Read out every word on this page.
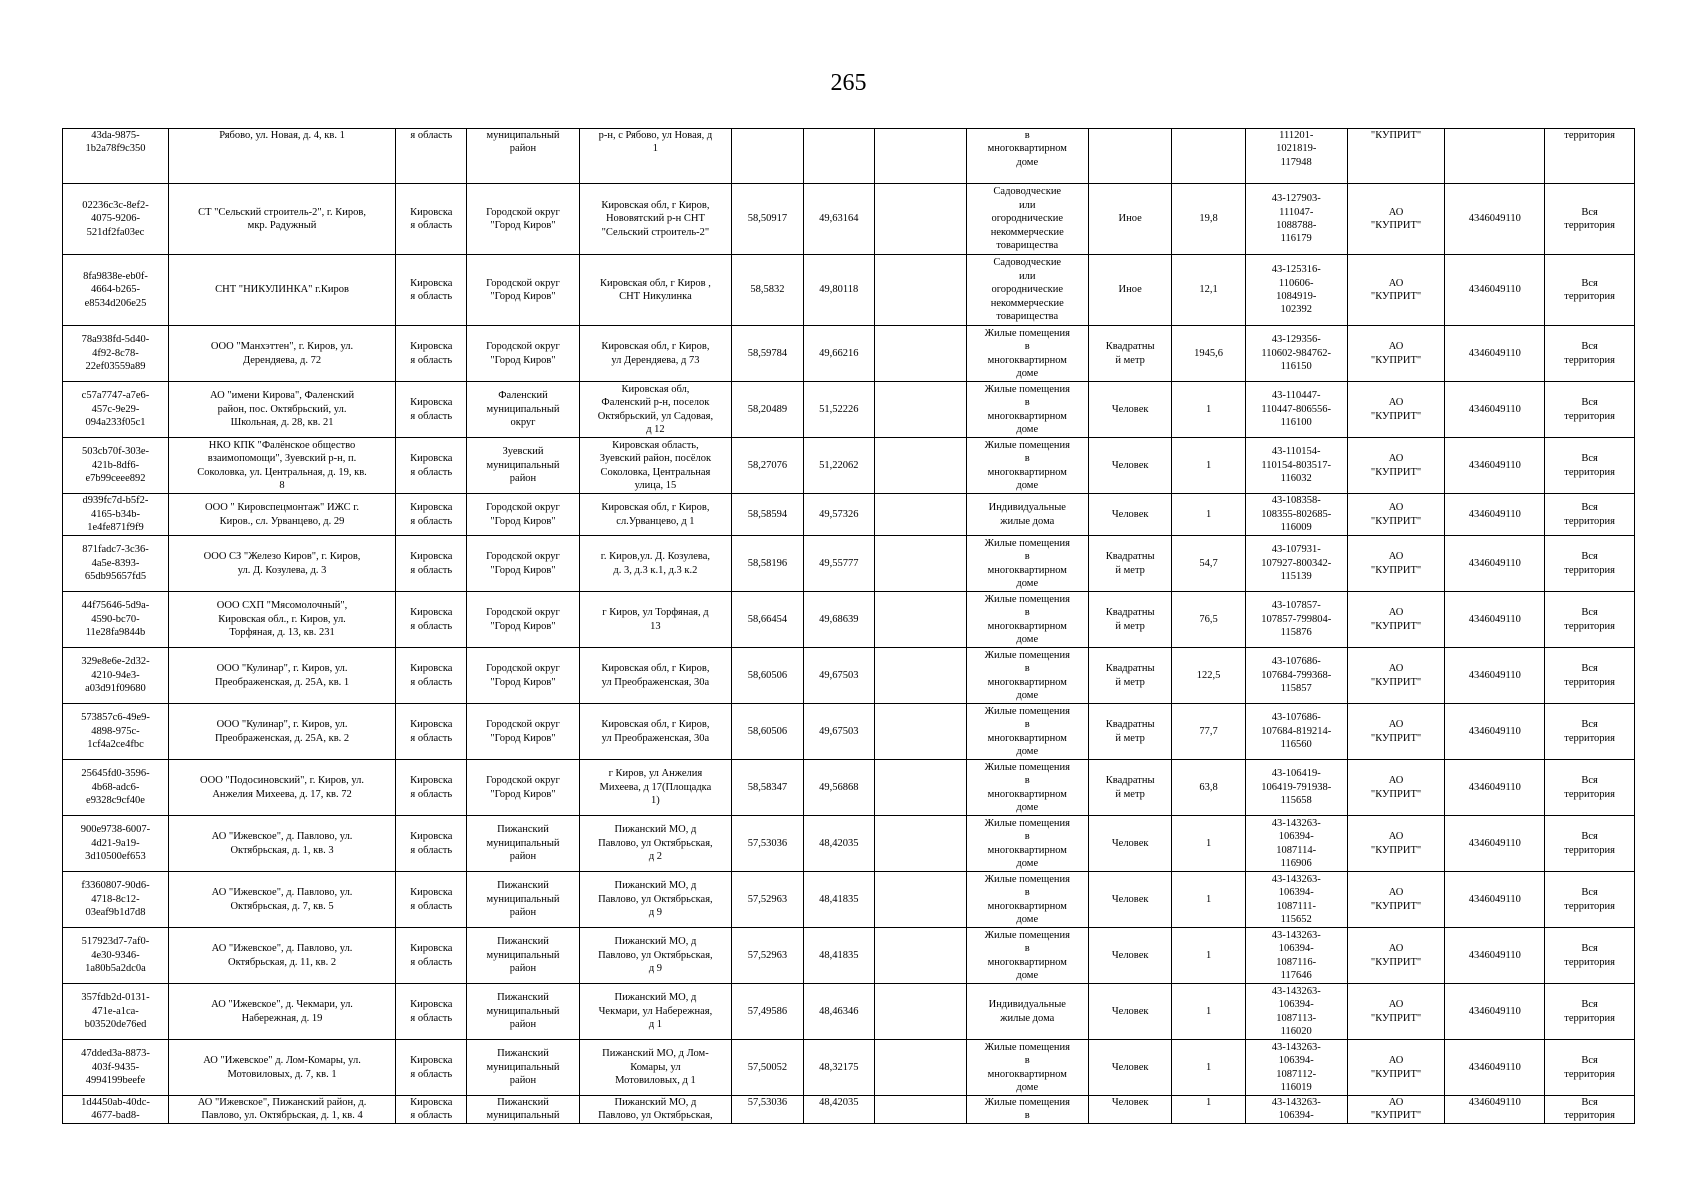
265
43da-9875-
1b2a78f9c350	Рябово, ул. Новая, д. 4, кв. 1	я область	муниципальный
район	р-н, с Рябово, ул Новая, д
1				в
многоквартирном
доме			111201-
1021819-
117948	"КУПРИТ"		территория
02236c3c-8ef2-
4075-9206-
521df2fa03ec	СТ "Сельский строитель-2", г. Киров,
мкр. Радужный	Кировска
я область	Городской округ
"Город Киров"	Кировская обл, г Киров,
Нововятский р-н СНТ
"Сельский строитель-2"	58,50917	49,63164		Садоводческие
или
огороднические
некоммерческие
товарищества	Иное	19,8	43-127903-
111047-
1088788-
116179	АО
"КУПРИТ"	4346049110	Вся
территория
8fa9838e-eb0f-
4664-b265-
e8534d206e25	СНТ "НИКУЛИНКА" г.Киров	Кировска
я область	Городской округ
"Город Киров"	Кировская обл, г Киров ,
СНТ Никулинка	58,5832	49,80118		Садоводческие
или
огороднические
некоммерческие
товарищества	Иное	12,1	43-125316-
110606-
1084919-
102392	АО
"КУПРИТ"	4346049110	Вся
территория
78a938fd-5d40-
4f92-8c78-
22ef03559a89	ООО "Манхэттен", г. Киров, ул.
Дерендяева, д. 72	Кировска
я область	Городской округ
"Город Киров"	Кировская обл, г Киров,
ул Дерендяева, д 73	58,59784	49,66216		Жилые помещения
в
многоквартирном
доме	Квадратны
й метр	1945,6	43-129356-
110602-984762-
116150	АО
"КУПРИТ"	4346049110	Вся
территория
c57a7747-a7e6-
457c-9e29-
094a233f05c1	АО "имени Кирова", Фаленский
район, пос. Октябрьский, ул.
Школьная, д. 28, кв. 21	Кировска
я область	Фаленский
муниципальный
округ	Кировская обл,
Фаленский р-н, поселок
Октябрьский, ул Садовая,
д 12	58,20489	51,52226		Жилые помещения
в
многоквартирном
доме	Человек	1	43-110447-
110447-806556-
116100	АО
"КУПРИТ"	4346049110	Вся
территория
503cb70f-303e-
421b-8df6-
e7b99ceee892	НКО КПК "Фалёнское общество
взаимопомощи", Зуевский р-н, п.
Соколовка, ул. Центральная, д. 19, кв.
8	Кировска
я область	Зуевский
муниципальный
район	Кировская область,
Зуевский район, посёлок
Соколовка, Центральная
улица, 15	58,27076	51,22062		Жилые помещения
в
многоквартирном
доме	Человек	1	43-110154-
110154-803517-
116032	АО
"КУПРИТ"	4346049110	Вся
территория
d939fc7d-b5f2-
4165-b34b-
1e4fe871f9f9	ООО " Кировспецмонтаж" ИЖС г.
Киров., сл. Урванцево, д. 29	Кировска
я область	Городской округ
"Город Киров"	Кировская обл, г Киров,
сл.Урванцево, д 1	58,58594	49,57326		Индивидуальные
жилые дома	Человек	1	43-108358-
108355-802685-
116009	АО
"КУПРИТ"	4346049110	Вся
территория
871fadc7-3c36-
4a5e-8393-
65db95657fd5	ООО СЗ "Железо Киров", г. Киров,
ул. Д. Козулева, д. 3	Кировска
я область	Городской округ
"Город Киров"	г. Киров,ул. Д. Козулева,
д. 3, д.3 к.1, д.3 к.2	58,58196	49,55777		Жилые помещения
в
многоквартирном
доме	Квадратны
й метр	54,7	43-107931-
107927-800342-
115139	АО
"КУПРИТ"	4346049110	Вся
территория
44f75646-5d9a-
4590-bc70-
11e28fa9844b	ООО СХП "Мясомолочный",
Кировская обл., г. Киров, ул.
Торфяная, д. 13, кв. 231	Кировска
я область	Городской округ
"Город Киров"	г Киров, ул Торфяная, д
13	58,66454	49,68639		Жилые помещения
в
многоквартирном
доме	Квадратны
й метр	76,5	43-107857-
107857-799804-
115876	АО
"КУПРИТ"	4346049110	Вся
территория
329e8e6e-2d32-
4210-94e3-
a03d91f09680	ООО "Кулинар", г. Киров, ул.
Преображенская, д. 25А, кв. 1	Кировска
я область	Городской округ
"Город Киров"	Кировская обл, г Киров,
ул Преображенская, 30а	58,60506	49,67503		Жилые помещения
в
многоквартирном
доме	Квадратны
й метр	122,5	43-107686-
107684-799368-
115857	АО
"КУПРИТ"	4346049110	Вся
территория
573857c6-49e9-
4898-975c-
1cf4a2ce4fbc	ООО "Кулинар", г. Киров, ул.
Преображенская, д. 25А, кв. 2	Кировска
я область	Городской округ
"Город Киров"	Кировская обл, г Киров,
ул Преображенская, 30а	58,60506	49,67503		Жилые помещения
в
многоквартирном
доме	Квадратны
й метр	77,7	43-107686-
107684-819214-
116560	АО
"КУПРИТ"	4346049110	Вся
территория
25645fd0-3596-
4b68-adc6-
e9328c9cf40e	ООО "Подосиновский", г. Киров, ул.
Анжелия Михеева, д. 17, кв. 72	Кировска
я область	Городской округ
"Город Киров"	г Киров, ул Анжелия
Михеева, д 17(Площадка
1)	58,58347	49,56868		Жилые помещения
в
многоквартирном
доме	Квадратны
й метр	63,8	43-106419-
106419-791938-
115658	АО
"КУПРИТ"	4346049110	Вся
территория
900e9738-6007-
4d21-9a19-
3d10500ef653	АО "Ижевское", д. Павлово, ул.
Октябрьская, д. 1, кв. 3	Кировска
я область	Пижанский
муниципальный
район	Пижанский МО, д
Павлово, ул Октябрьская,
д 2	57,53036	48,42035		Жилые помещения
в
многоквартирном
доме	Человек	1	43-143263-
106394-
1087114-
116906	АО
"КУПРИТ"	4346049110	Вся
территория
f3360807-90d6-
4718-8c12-
03eaf9b1d7d8	АО "Ижевское", д. Павлово, ул.
Октябрьская, д. 7, кв. 5	Кировска
я область	Пижанский
муниципальный
район	Пижанский МО, д
Павлово, ул Октябрьская,
д 9	57,52963	48,41835		Жилые помещения
в
многоквартирном
доме	Человек	1	43-143263-
106394-
1087111-
115652	АО
"КУПРИТ"	4346049110	Вся
территория
517923d7-7af0-
4e30-9346-
1a80b5a2dc0a	АО "Ижевское", д. Павлово, ул.
Октябрьская, д. 11, кв. 2	Кировска
я область	Пижанский
муниципальный
район	Пижанский МО, д
Павлово, ул Октябрьская,
д 9	57,52963	48,41835		Жилые помещения
в
многоквартирном
доме	Человек	1	43-143263-
106394-
1087116-
117646	АО
"КУПРИТ"	4346049110	Вся
территория
357fdb2d-0131-
471e-a1ca-
b03520de76ed	АО "Ижевское", д. Чекмари, ул.
Набережная, д. 19	Кировска
я область	Пижанский
муниципальный
район	Пижанский МО, д
Чекмари, ул Набережная,
д 1	57,49586	48,46346		Индивидуальные
жилые дома	Человек	1	43-143263-
106394-
1087113-
116020	АО
"КУПРИТ"	4346049110	Вся
территория
47dded3a-8873-
403f-9435-
4994199beefe	АО "Ижевское" д. Лом-Комары, ул.
Мотовиловых, д. 7, кв. 1	Кировска
я область	Пижанский
муниципальный
район	Пижанский МО, д Лом-
Комары, ул
Мотовиловых, д 1	57,50052	48,32175		Жилые помещения
в
многоквартирном
доме	Человек	1	43-143263-
106394-
1087112-
116019	АО
"КУПРИТ"	4346049110	Вся
территория
1d4450ab-40dc-
4677-bad8-	АО "Ижевское", Пижанский район, д.
Павлово, ул. Октябрьская, д. 1, кв. 4	Кировска
я область	Пижанский
муниципальный	Пижанский МО, д
Павлово, ул Октябрьская,	57,53036	48,42035		Жилые помещения
в	Человек	1	43-143263-
106394-	АО
"КУПРИТ"	4346049110	Вся
территория
